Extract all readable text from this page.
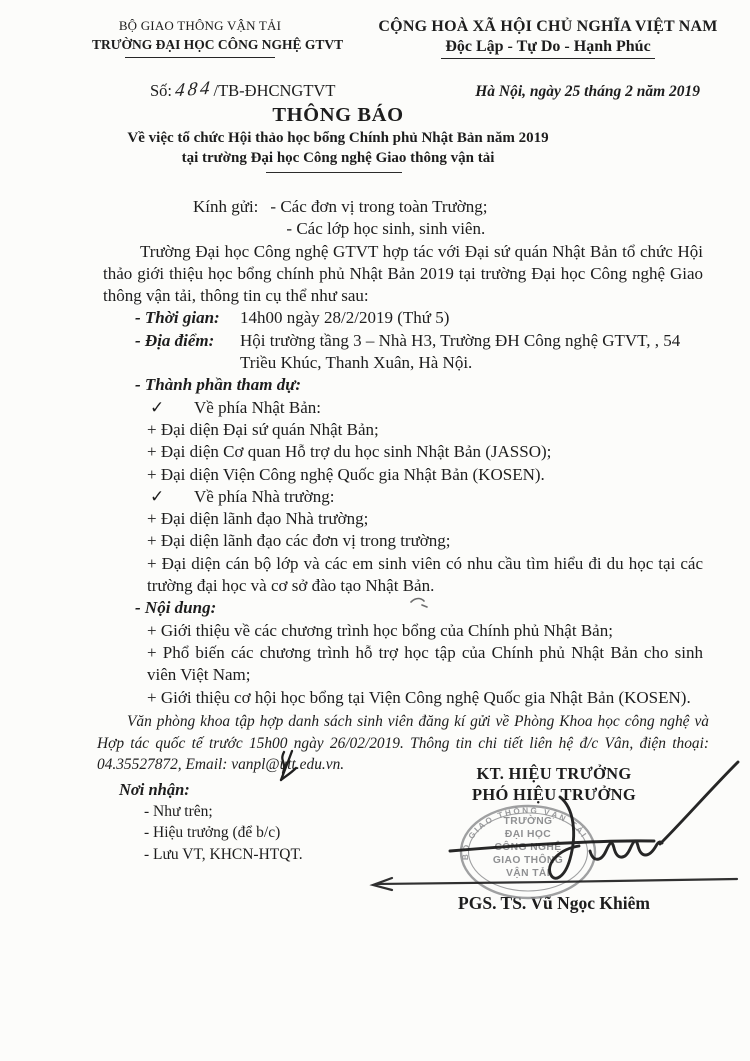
BỘ GIAO THÔNG VẬN TẢI
TRƯỜNG ĐẠI HỌC CÔNG NGHỆ GTVT
CỘNG HOÀ XÃ HỘI CHỦ NGHĨA VIỆT NAM
Độc Lập - Tự Do - Hạnh Phúc
Số: 484/TB-ĐHCNGTVT	Hà Nội, ngày 25 tháng 2 năm 2019
THÔNG BÁO
Về việc tổ chức Hội thảo học bổng Chính phủ Nhật Bản năm 2019
tại trường Đại học Công nghệ Giao thông vận tải
Kính gửi: - Các đơn vị trong toàn Trường;
- Các lớp học sinh, sinh viên.

Trường Đại học Công nghệ GTVT hợp tác với Đại sứ quán Nhật Bản tổ chức Hội thảo giới thiệu học bổng chính phủ Nhật Bản 2019 tại trường Đại học Công nghệ Giao thông vận tải, thông tin cụ thể như sau:

- Thời gian:	14h00 ngày 28/2/2019 (Thứ 5)
- Địa điểm:	Hội trường tầng 3 – Nhà H3, Trường ĐH Công nghệ GTVT, , 54 Triều Khúc, Thanh Xuân, Hà Nội.
- Thành phần tham dự:
✓ Về phía Nhật Bản:
+ Đại diện Đại sứ quán Nhật Bản;
+ Đại diện Cơ quan Hỗ trợ du học sinh Nhật Bản (JASSO);
+ Đại diện Viện Công nghệ Quốc gia Nhật Bản (KOSEN).
✓ Về phía Nhà trường:
+ Đại diện lãnh đạo Nhà trường;
+ Đại diện lãnh đạo các đơn vị trong trường;
+ Đại diện cán bộ lớp và các em sinh viên có nhu cầu tìm hiểu đi du học tại các trường đại học và cơ sở đào tạo Nhật Bản.
- Nội dung:
+ Giới thiệu về các chương trình học bổng của Chính phủ Nhật Bản;
+ Phổ biến các chương trình hỗ trợ học tập của Chính phủ Nhật Bản cho sinh viên Việt Nam;
+ Giới thiệu cơ hội học bổng tại Viện Công nghệ Quốc gia Nhật Bản (KOSEN).

Văn phòng khoa tập hợp danh sách sinh viên đăng kí gửi về Phòng Khoa học công nghệ và Hợp tác quốc tế trước 15h00 ngày 26/02/2019. Thông tin chi tiết liên hệ đ/c Vân, điện thoại: 04.35527872, Email: vanpl@utt.edu.vn.

Nơi nhận:
- Như trên;
- Hiệu trưởng (để b/c)
- Lưu VT, KHCN-HTQT.
KT. HIỆU TRƯỞNG
PHÓ HIỆU TRƯỞNG
PGS. TS. Vũ Ngọc Khiêm
BỘ GIAO THÔNG VẬN TẢI
TRƯỜNG
ĐẠI HỌC
CÔNG NGHỆ
GIAO THÔNG
VẬN TẢI
